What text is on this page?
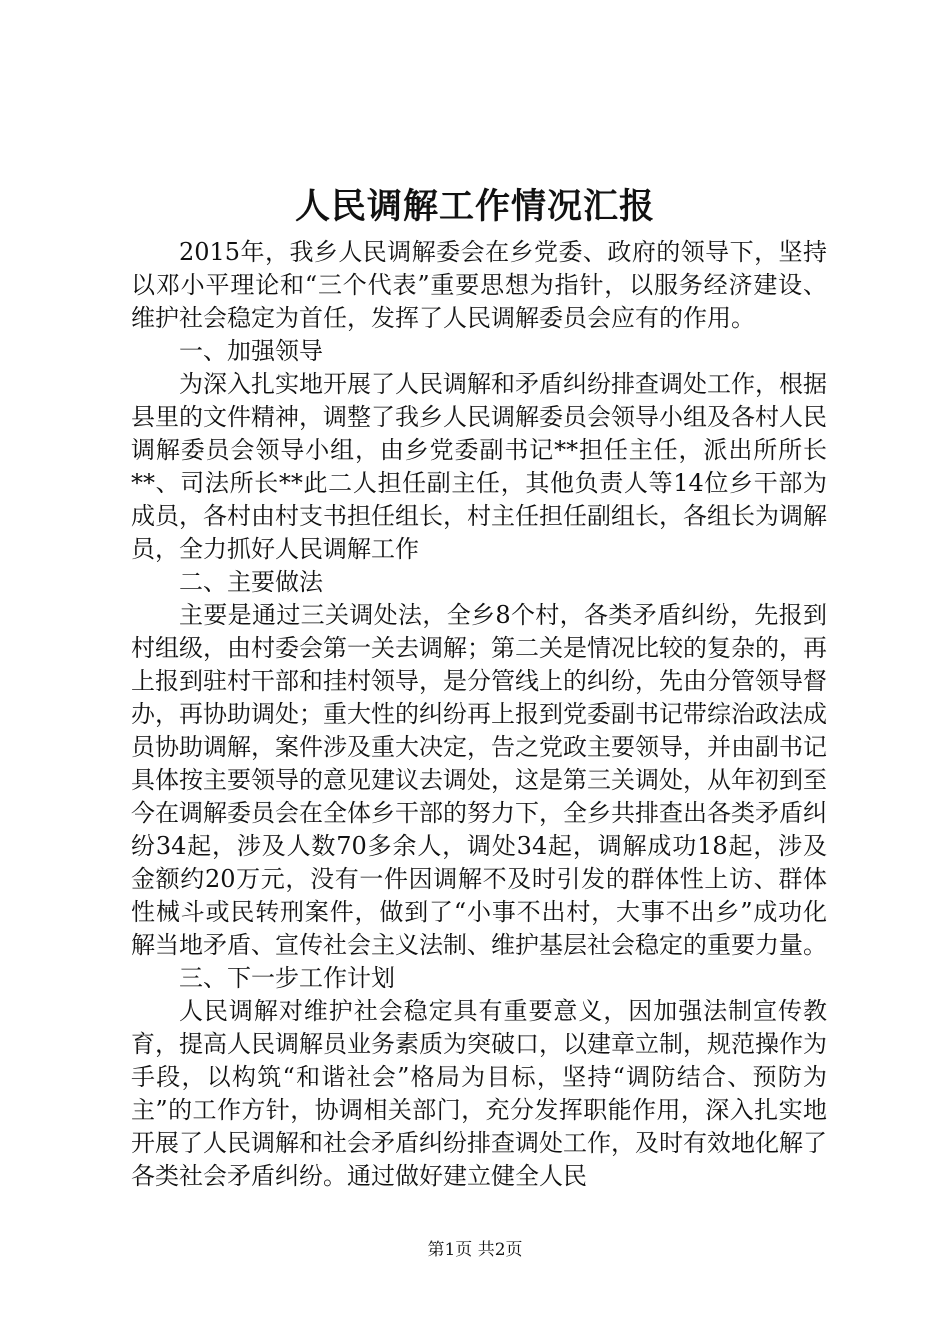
人民调解工作情况汇报

2015年，我乡人民调解委会在乡党委、政府的领导下，坚持以邓小平理论和“三个代表”重要思想为指针，以服务经济建设、维护社会稳定为首任，发挥了人民调解委员会应有的作用。

一、加强领导

为深入扎实地开展了人民调解和矛盾纠纷排查调处工作，根据县里的文件精神，调整了我乡人民调解委员会领导小组及各村人民调解委员会领导小组，由乡党委副书记**担任主任，派出所所长**、司法所长**此二人担任副主任，其他负责人等14位乡干部为成员，各村由村支书担任组长，村主任担任副组长，各组长为调解员，全力抓好人民调解工作

二、主要做法

主要是通过三关调处法，全乡8个村，各类矛盾纠纷，先报到村组级，由村委会第一关去调解；第二关是情况比较的复杂的，再上报到驻村干部和挂村领导，是分管线上的纠纷，先由分管领导督办，再协助调处；重大性的纠纷再上报到党委副书记带综治政法成员协助调解，案件涉及重大决定，告之党政主要领导，并由副书记具体按主要领导的意见建议去调处，这是第三关调处，从年初到至今在调解委员会在全体乡干部的努力下，全乡共排查出各类矛盾纠纷34起，涉及人数70多余人，调处34起，调解成功18起，涉及金额约20万元，没有一件因调解不及时引发的群体性上访、群体性械斗或民转刑案件，做到了“小事不出村，大事不出乡”成功化解当地矛盾、宣传社会主义法制、维护基层社会稳定的重要力量。

三、下一步工作计划

人民调解对维护社会稳定具有重要意义，因加强法制宣传教育，提高人民调解员业务素质为突破口，以建章立制，规范操作为手段，以构筑“和谐社会”格局为目标，坚持“调防结合、预防为主”的工作方针，协调相关部门，充分发挥职能作用，深入扎实地开展了人民调解和社会矛盾纠纷排查调处工作，及时有效地化解了各类社会矛盾纠纷。通过做好建立健全人民

第1页 共2页
